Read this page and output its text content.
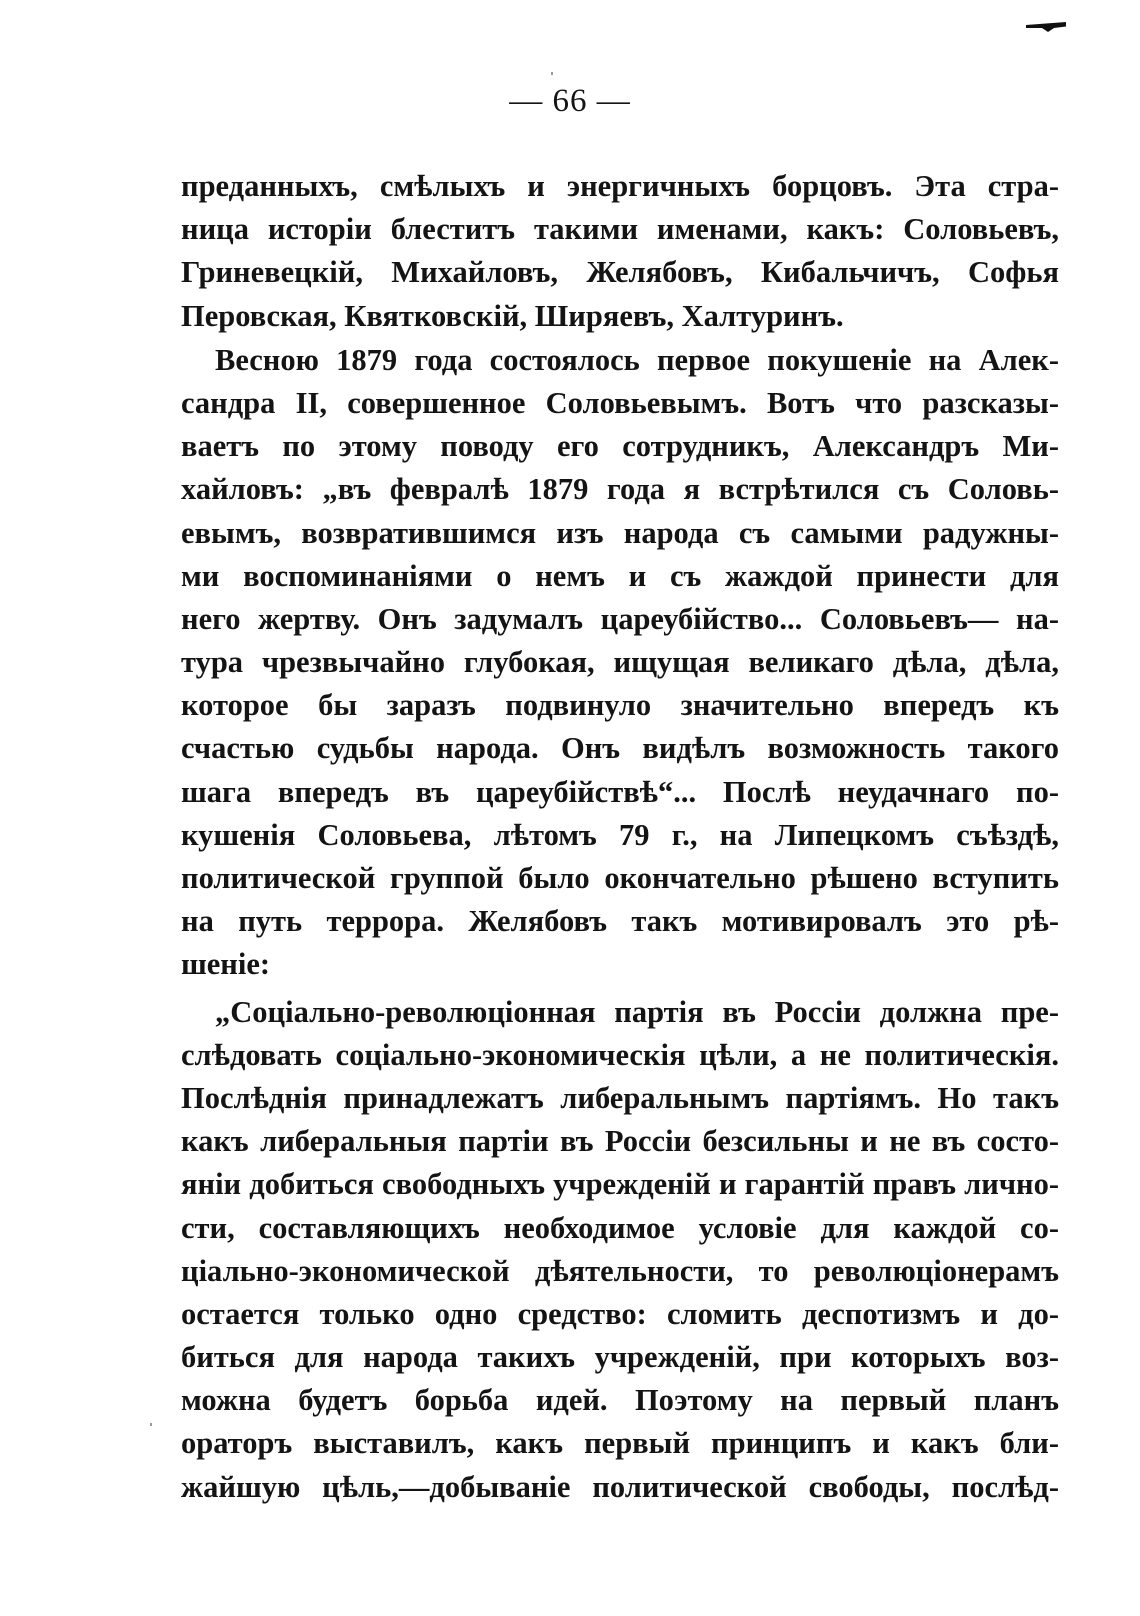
— 66 —
преданныхъ, смѣлыхъ и энергичныхъ борцовъ. Эта стра-
ница исторіи блеститъ такими именами, какъ: Соловьевъ,
Гриневецкій, Михайловъ, Желябовъ, Кибальчичъ, Софья
Перовская, Квятковскій, Ширяевъ, Халтуринъ.
Весною 1879 года состоялось первое покушеніе на Алек-
сандра II, совершенное Соловьевымъ. Вотъ что разсказы-
ваетъ по этому поводу его сотрудникъ, Александръ Ми-
хайловъ: „въ февралѣ 1879 года я встрѣтился съ Соловь-
евымъ, возвратившимся изъ народа съ самыми радужны-
ми воспоминаніями о немъ и съ жаждой принести для
него жертву. Онъ задумалъ цареубійство... Соловьевъ— на-
тура чрезвычайно глубокая, ищущая великаго дѣла, дѣла,
которое бы заразъ подвинуло значительно впередъ къ
счастью судьбы народа. Онъ видѣлъ возможность такого
шага впередъ въ цареубійствѣ“... Послѣ неудачнаго по-
кушенія Соловьева, лѣтомъ 79 г., на Липецкомъ съѣздѣ,
политической группой было окончательно рѣшено вступить
на путь террора. Желябовъ такъ мотивировалъ это рѣ-
шеніе:
„Соціально-революціонная партія въ Россіи должна пре-
слѣдовать соціально-экономическія цѣли, а не политическія.
Послѣднія принадлежатъ либеральнымъ партіямъ. Но такъ
какъ либеральныя партіи въ Россіи безсильны и не въ состо-
яніи добиться свободныхъ учрежденій и гарантій правъ лично-
сти, составляющихъ необходимое условіе для каждой со-
ціально-экономической дѣятельности, то революціонерамъ
остается только одно средство: сломить деспотизмъ и до-
биться для народа такихъ учрежденій, при которыхъ воз-
можна будетъ борьба идей. Поэтому на первый планъ
ораторъ выставилъ, какъ первый принципъ и какъ бли-
жайшую цѣль,—добываніе политической свободы, послѣд-
